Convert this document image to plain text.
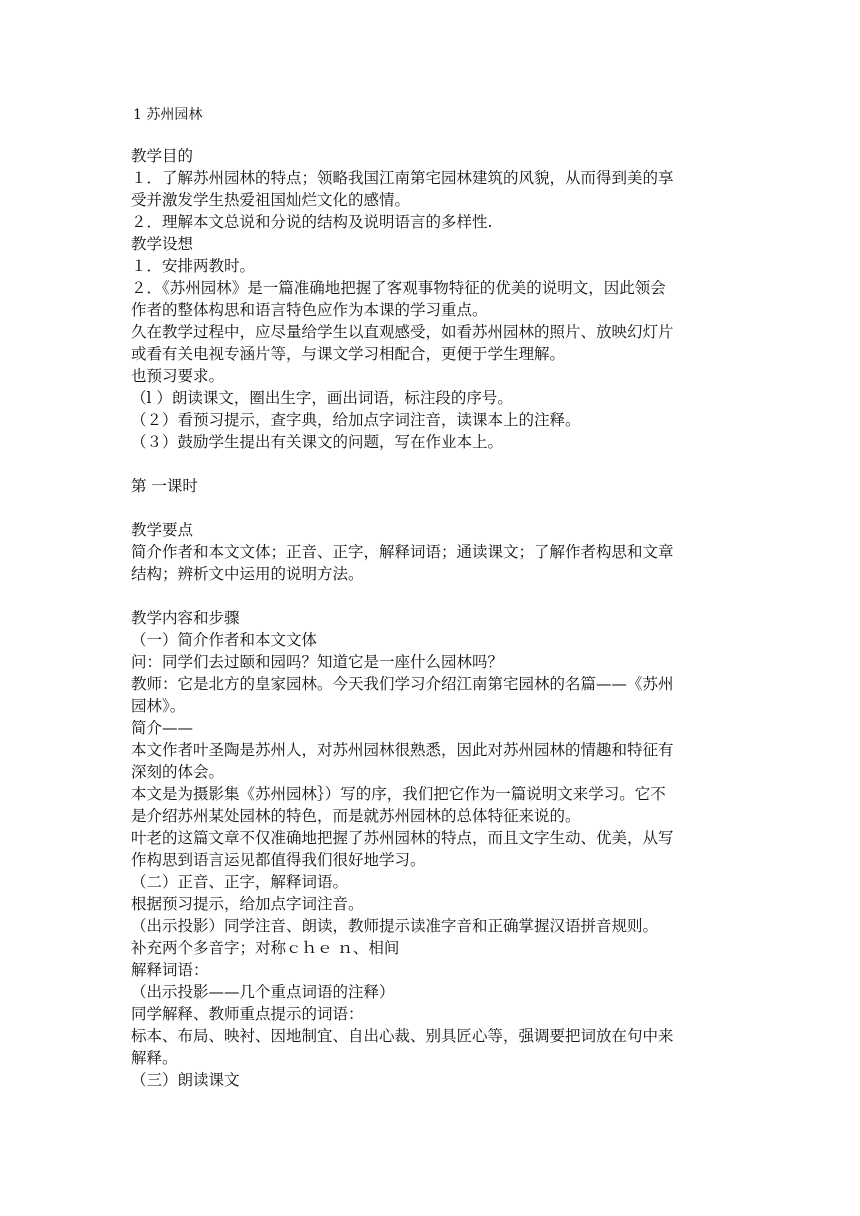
1 苏州园林
教学目的
１．了解苏州园林的特点；领略我国江南第宅园林建筑的风貌，从而得到美的享
受并激发学生热爱祖国灿烂文化的感情。
２．理解本文总说和分说的结构及说明语言的多样性.
教学设想
１．安排两教时。
２．《苏州园林》是一篇准确地把握了客观事物特征的优美的说明文，因此领会
作者的整体构思和语言特色应作为本课的学习重点。
久在教学过程中，应尽量给学生以直观感受，如看苏州园林的照片、放映幻灯片
或看有关电视专涵片等，与课文学习相配合，更便于学生理解。
也预习要求。
（l ）朗读课文，圈出生字，画出词语，标注段的序号。
（２）看预习提示，查字典，给加点字词注音，读课本上的注释。
（３）鼓励学生提出有关课文的问题，写在作业本上。
第 一课时
教学要点
简介作者和本文文体；正音、正字，解释词语；通读课文；了解作者构思和文章
结构；辨析文中运用的说明方法。
教学内容和步骤
（一）简介作者和本文文体
问：同学们去过颐和园吗？知道它是一座什么园林吗？
教师：它是北方的皇家园林。今天我们学习介绍江南第宅园林的名篇——《苏州
园林》。
简介——
本文作者叶圣陶是苏州人，对苏州园林很熟悉，因此对苏州园林的情趣和特征有
深刻的体会。
本文是为摄影集《苏州园林｝）写的序，我们把它作为一篇说明文来学习。它不
是介绍苏州某处园林的特色，而是就苏州园林的总体特征来说的。
叶老的这篇文章不仅准确地把握了苏州园林的特点，而且文字生动、优美，从写
作构思到语言运见都值得我们很好地学习。
（二）正音、正字，解释词语。
根据预习提示，给加点字词注音。
（出示投影）同学注音、朗读，教师提示读准字音和正确掌握汉语拼音规则。
补充两个多音字；对称ｃｈｅ ｎ、相间
解释词语：
（出示投影——几个重点词语的注释）
同学解释、教师重点提示的词语：
标本、布局、映衬、因地制宜、自出心裁、别具匠心等，强调要把词放在句中来
解释。
（三）朗读课文
